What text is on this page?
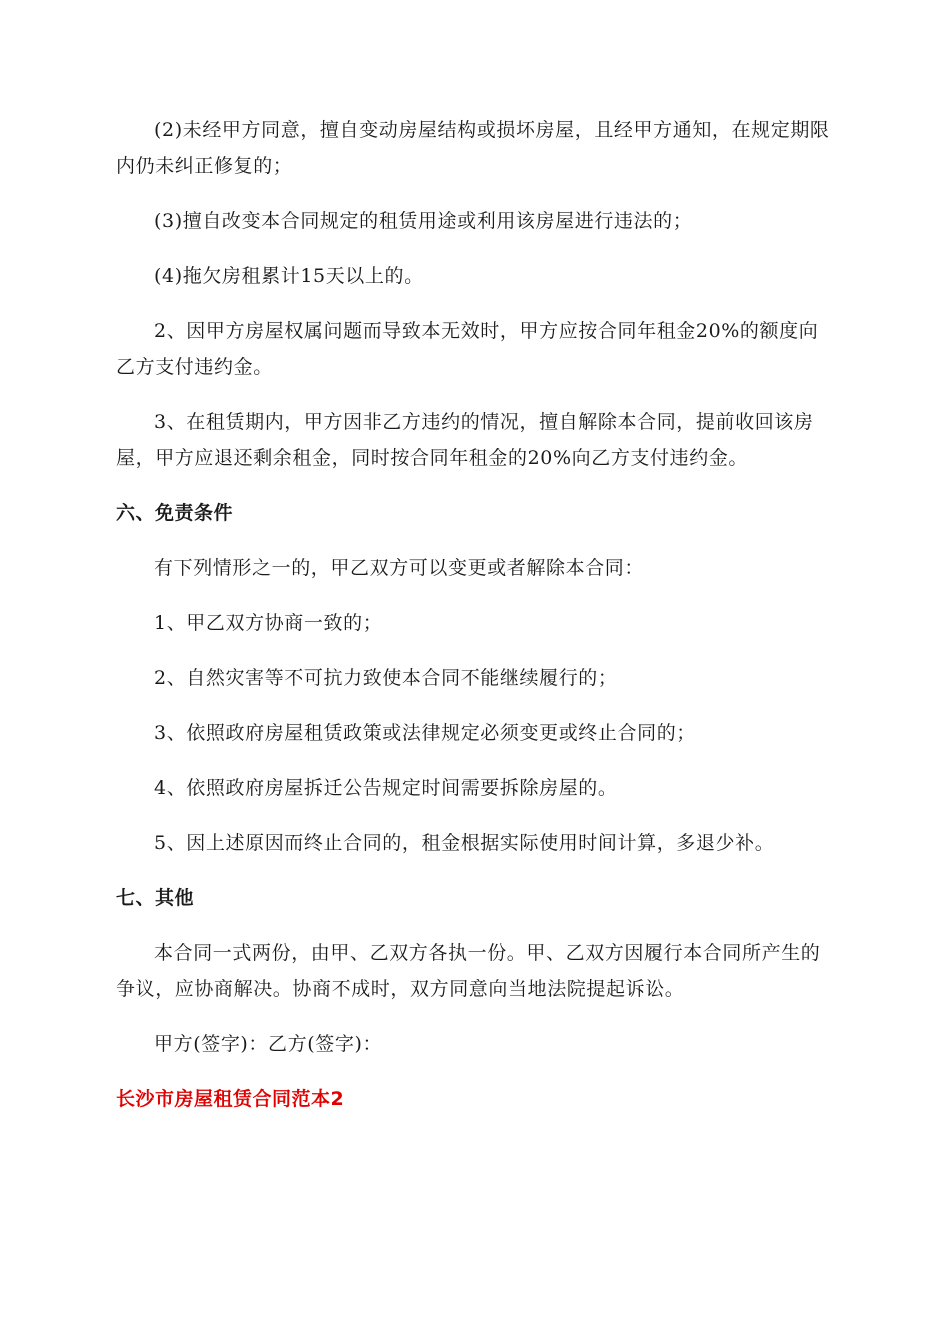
(2)未经甲方同意，擅自变动房屋结构或损坏房屋，且经甲方通知，在规定期限内仍未纠正修复的；

(3)擅自改变本合同规定的租赁用途或利用该房屋进行违法的；

(4)拖欠房租累计15天以上的。

2、因甲方房屋权属问题而导致本无效时，甲方应按合同年租金20%的额度向乙方支付违约金。

3、在租赁期内，甲方因非乙方违约的情况，擅自解除本合同，提前收回该房屋，甲方应退还剩余租金，同时按合同年租金的20%向乙方支付违约金。

六、免责条件

有下列情形之一的，甲乙双方可以变更或者解除本合同：

1、甲乙双方协商一致的；

2、自然灾害等不可抗力致使本合同不能继续履行的；

3、依照政府房屋租赁政策或法律规定必须变更或终止合同的；

4、依照政府房屋拆迁公告规定时间需要拆除房屋的。

5、因上述原因而终止合同的，租金根据实际使用时间计算，多退少补。

七、其他

本合同一式两份，由甲、乙双方各执一份。甲、乙双方因履行本合同所产生的争议，应协商解决。协商不成时，双方同意向当地法院提起诉讼。

甲方(签字)：乙方(签字)：

长沙市房屋租赁合同范本2
